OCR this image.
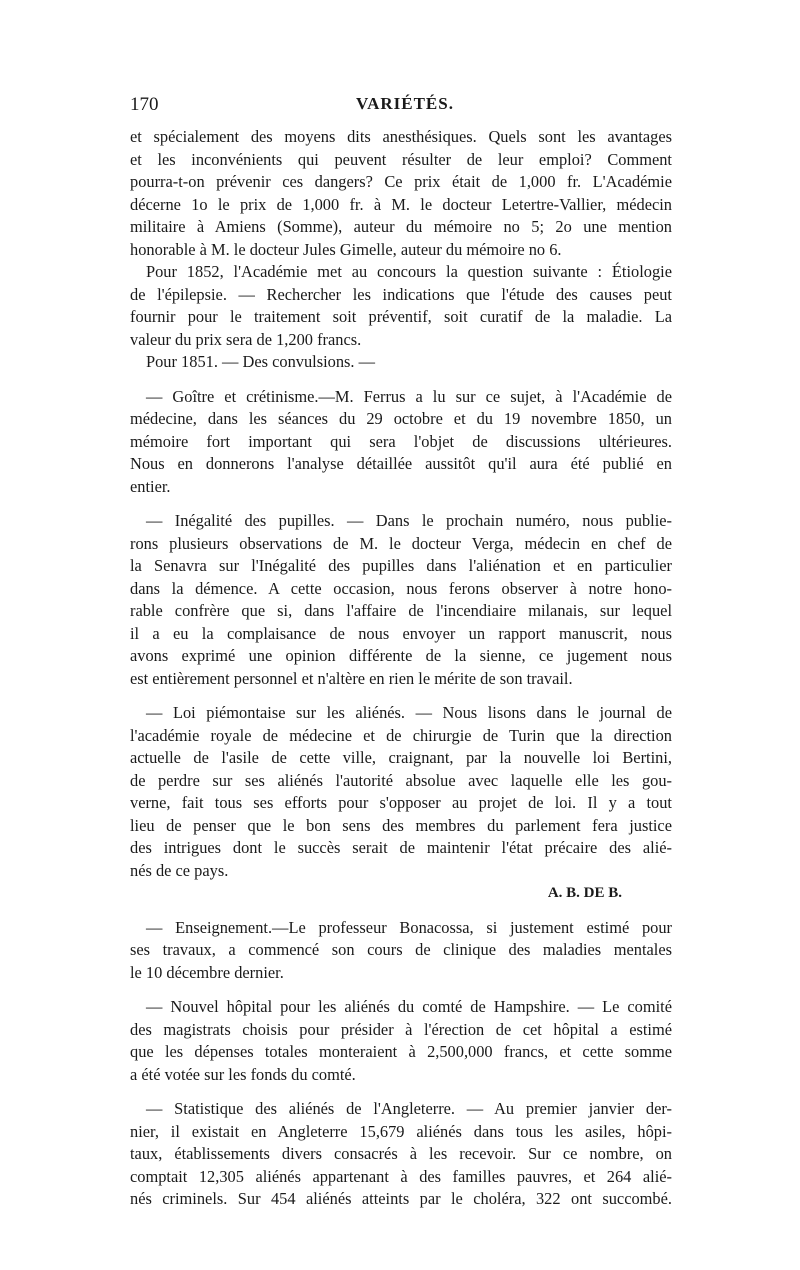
170	VARIÉTÉS.
et spécialement des moyens dits anesthésiques. Quels sont les avantages
et les inconvénients qui peuvent résulter de leur emploi? Comment
pourra-t-on prévenir ces dangers? Ce prix était de 1,000 fr. L'Académie
décerne 1o le prix de 1,000 fr. à M. le docteur Letertre-Vallier, médecin
militaire à Amiens (Somme), auteur du mémoire no 5; 2o une mention
honorable à M. le docteur Jules Gimelle, auteur du mémoire no 6.
Pour 1852, l'Académie met au concours la question suivante : Étiologie
de l'épilepsie. — Rechercher les indications que l'étude des causes peut
fournir pour le traitement soit préventif, soit curatif de la maladie. La
valeur du prix sera de 1,200 francs.
Pour 1851. — Des convulsions. —
— Goître et crétinisme.—M. Ferrus a lu sur ce sujet, à l'Académie de
médecine, dans les séances du 29 octobre et du 19 novembre 1850, un
mémoire fort important qui sera l'objet de discussions ultérieures.
Nous en donnerons l'analyse détaillée aussitôt qu'il aura été publié en
entier.
— Inégalité des pupilles. — Dans le prochain numéro, nous publie-
rons plusieurs observations de M. le docteur Verga, médecin en chef de
la Senavra sur l'Inégalité des pupilles dans l'aliénation et en particulier
dans la démence. A cette occasion, nous ferons observer à notre hono-
rable confrère que si, dans l'affaire de l'incendiaire milanais, sur lequel
il a eu la complaisance de nous envoyer un rapport manuscrit, nous
avons exprimé une opinion différente de la sienne, ce jugement nous
est entièrement personnel et n'altère en rien le mérite de son travail.
— Loi piémontaise sur les aliénés. — Nous lisons dans le journal de
l'académie royale de médecine et de chirurgie de Turin que la direction
actuelle de l'asile de cette ville, craignant, par la nouvelle loi Bertini,
de perdre sur ses aliénés l'autorité absolue avec laquelle elle les gou-
verne, fait tous ses efforts pour s'opposer au projet de loi. Il y a tout
lieu de penser que le bon sens des membres du parlement fera justice
des intrigues dont le succès serait de maintenir l'état précaire des alié-
nés de ce pays.
A. B. DE B.
— Enseignement.—Le professeur Bonacossa, si justement estimé pour
ses travaux, a commencé son cours de clinique des maladies mentales
le 10 décembre dernier.
— Nouvel hôpital pour les aliénés du comté de Hampshire. — Le comité
des magistrats choisis pour présider à l'érection de cet hôpital a estimé
que les dépenses totales monteraient à 2,500,000 francs, et cette somme
a été votée sur les fonds du comté.
— Statistique des aliénés de l'Angleterre. — Au premier janvier der-
nier, il existait en Angleterre 15,679 aliénés dans tous les asiles, hôpi-
taux, établissements divers consacrés à les recevoir. Sur ce nombre, on
comptait 12,305 aliénés appartenant à des familles pauvres, et 264 alié-
nés criminels. Sur 454 aliénés atteints par le choléra, 322 ont succombé.
